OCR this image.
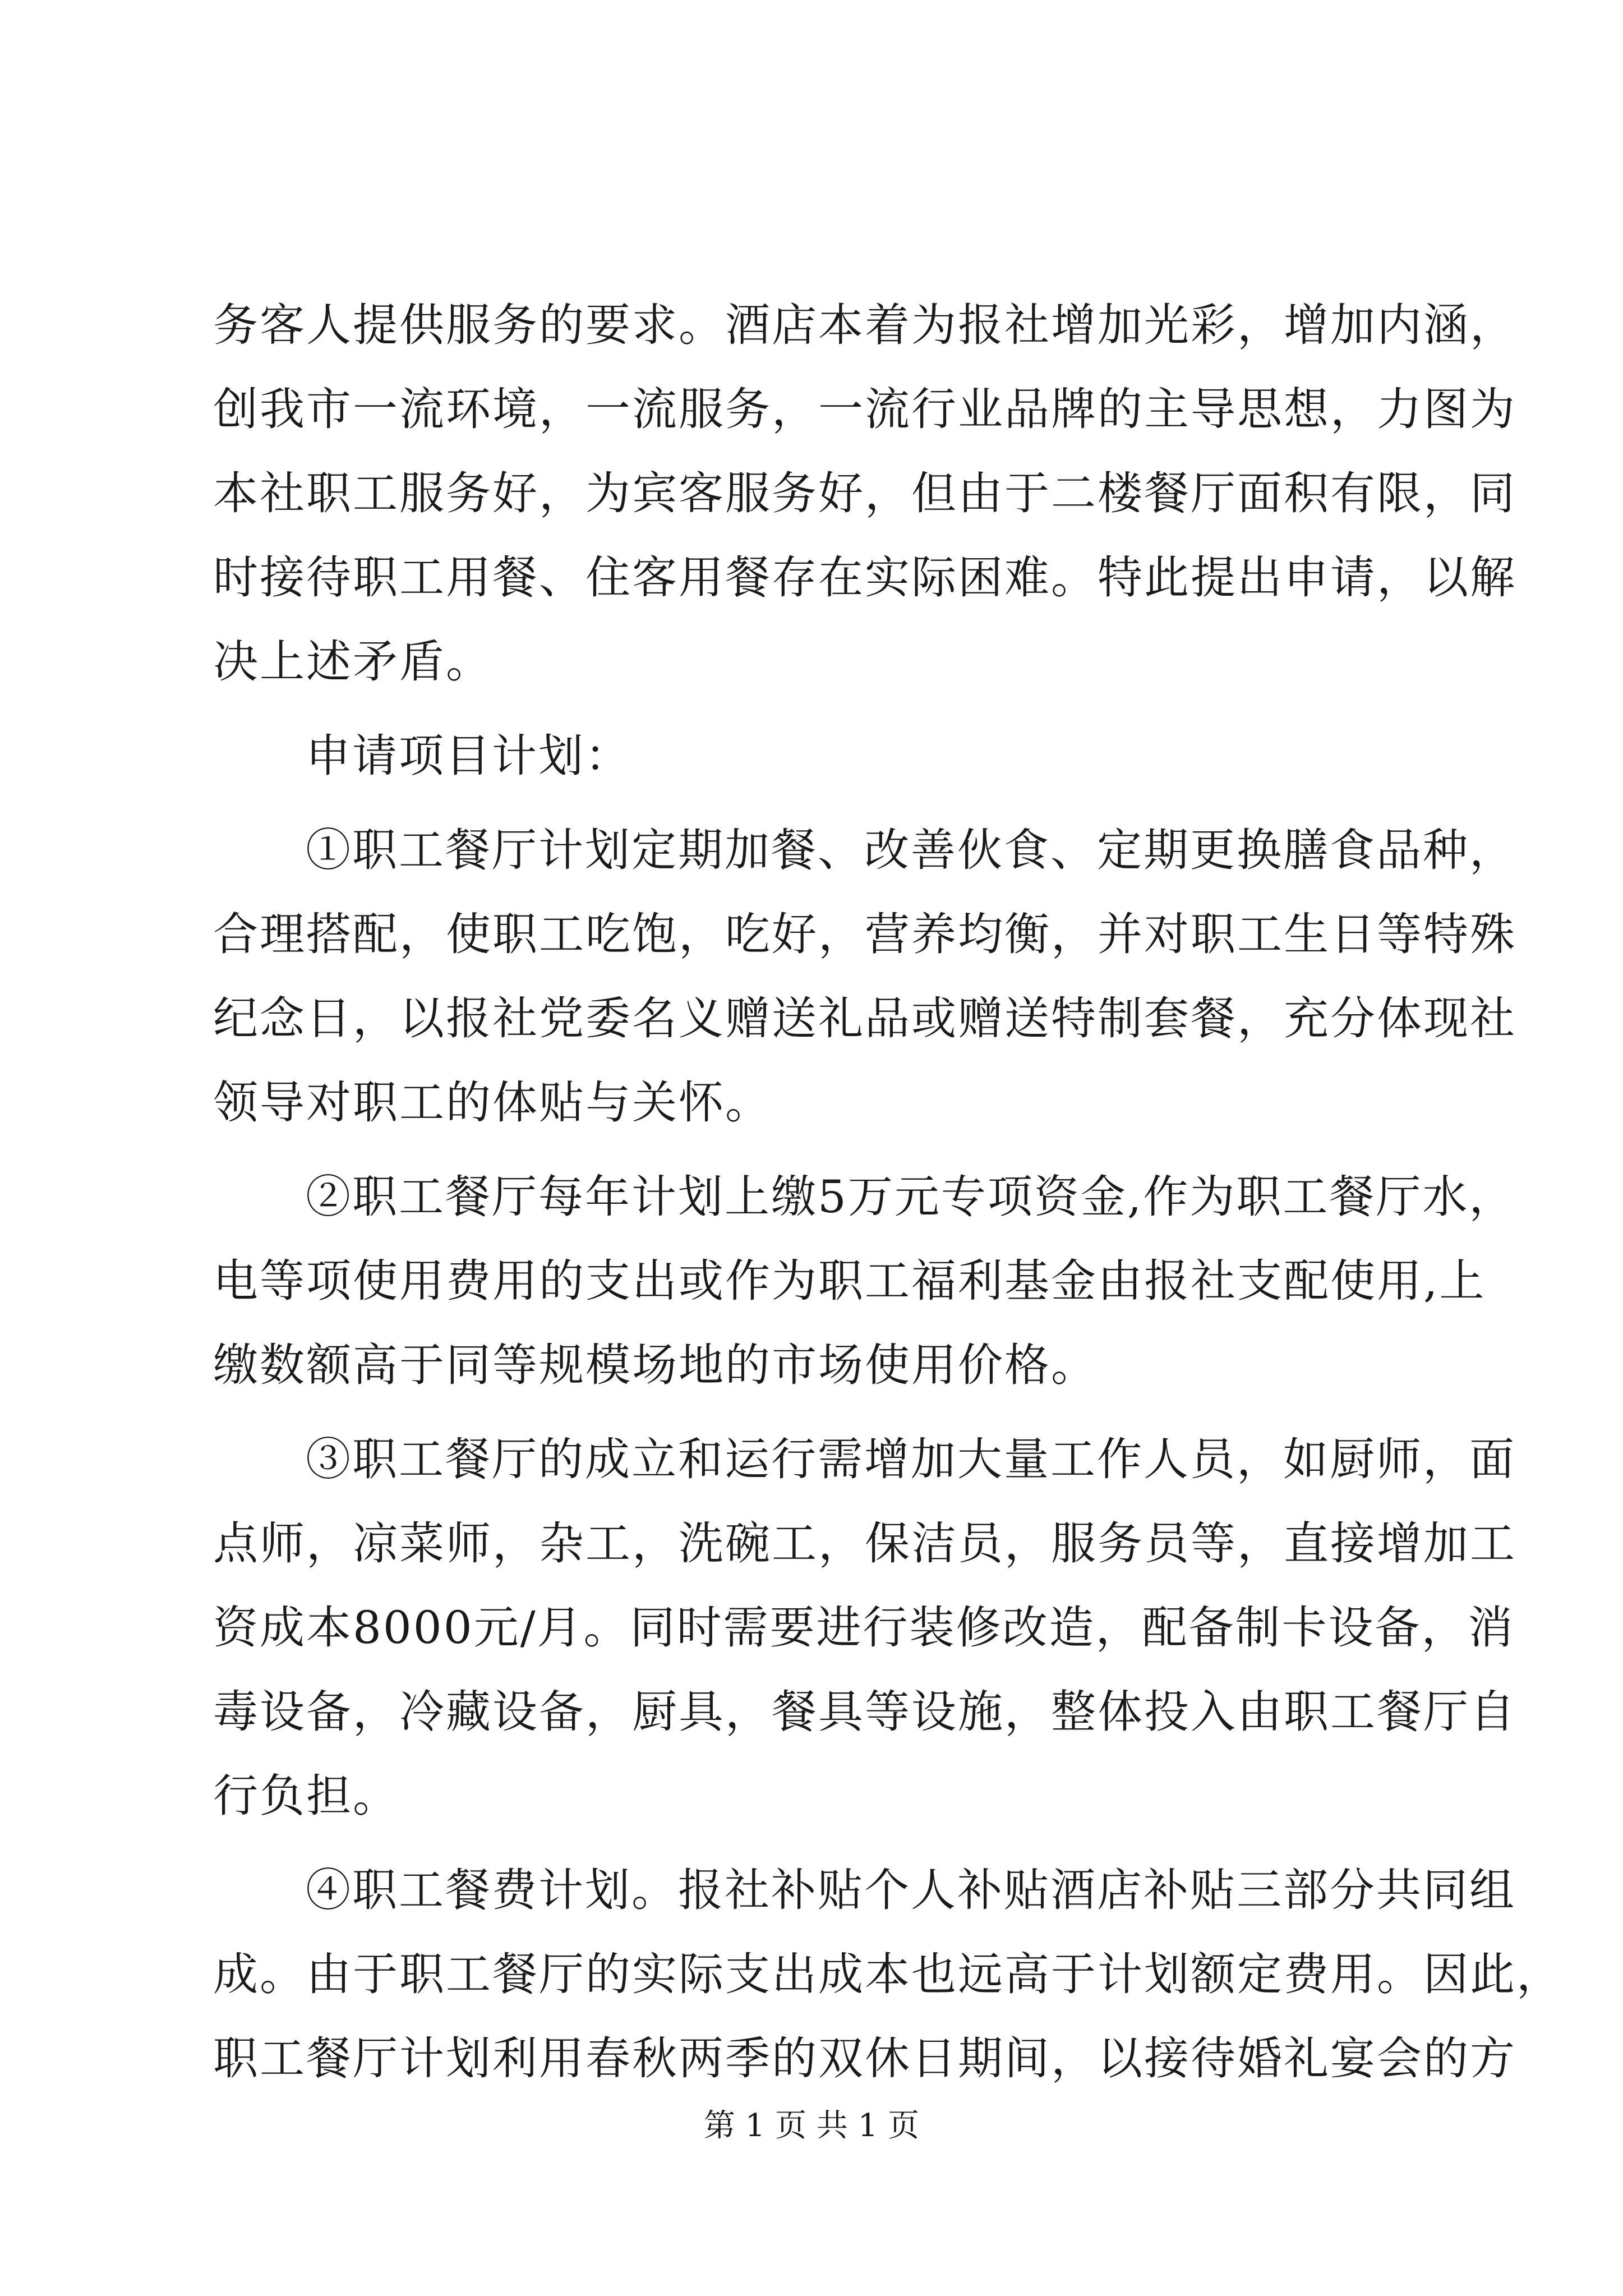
务客人提供服务的要求。酒店本着为报社增加光彩，增加内涵，
创我市一流环境，一流服务，一流行业品牌的主导思想，力图为
本社职工服务好，为宾客服务好，但由于二楼餐厅面积有限，同
时接待职工用餐、住客用餐存在实际困难。特此提出申请，以解
决上述矛盾。
申请项目计划：
①职工餐厅计划定期加餐、改善伙食、定期更换膳食品种，
合理搭配，使职工吃饱，吃好，营养均衡，并对职工生日等特殊
纪念日，以报社党委名义赠送礼品或赠送特制套餐，充分体现社
领导对职工的体贴与关怀。
②职工餐厅每年计划上缴5万元专项资金,作为职工餐厅水，
电等项使用费用的支出或作为职工福利基金由报社支配使用,上
缴数额高于同等规模场地的市场使用价格。
③职工餐厅的成立和运行需增加大量工作人员，如厨师，面
点师，凉菜师，杂工，洗碗工，保洁员，服务员等，直接增加工
资成本8000元/月。同时需要进行装修改造，配备制卡设备，消
毒设备，冷藏设备，厨具，餐具等设施，整体投入由职工餐厅自
行负担。
④职工餐费计划。报社补贴个人补贴酒店补贴三部分共同组
成。由于职工餐厅的实际支出成本也远高于计划额定费用。因此，
职工餐厅计划利用春秋两季的双休日期间，以接待婚礼宴会的方
第 1 页 共 1 页
